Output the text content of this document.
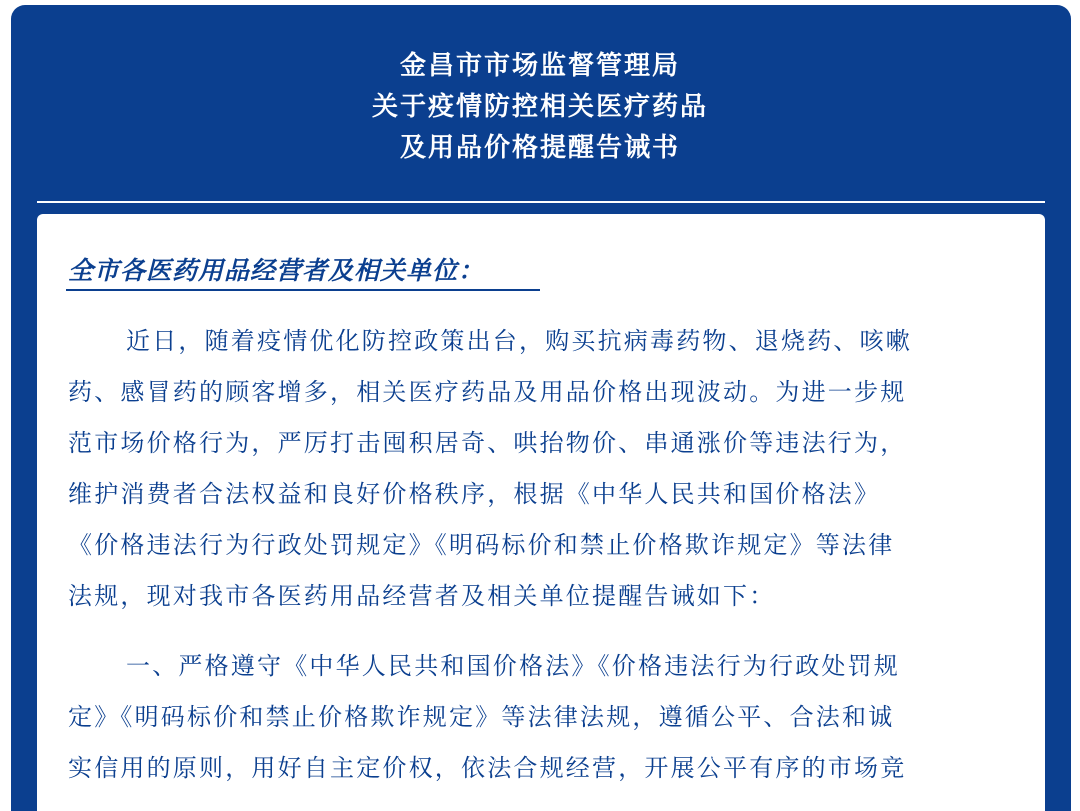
金昌市市场监督管理局
关于疫情防控相关医疗药品
及用品价格提醒告诫书
全市各医药用品经营者及相关单位：
近日，随着疫情优化防控政策出台，购买抗病毒药物、退烧药、咳嗽
药、感冒药的顾客增多，相关医疗药品及用品价格出现波动。为进一步规
范市场价格行为，严厉打击囤积居奇、哄抬物价、串通涨价等违法行为，
维护消费者合法权益和良好价格秩序，根据《中华人民共和国价格法》
《价格违法行为行政处罚规定》《明码标价和禁止价格欺诈规定》等法律
法规，现对我市各医药用品经营者及相关单位提醒告诫如下：
一、严格遵守《中华人民共和国价格法》《价格违法行为行政处罚规
定》《明码标价和禁止价格欺诈规定》等法律法规，遵循公平、合法和诚
实信用的原则，用好自主定价权，依法合规经营，开展公平有序的市场竞
